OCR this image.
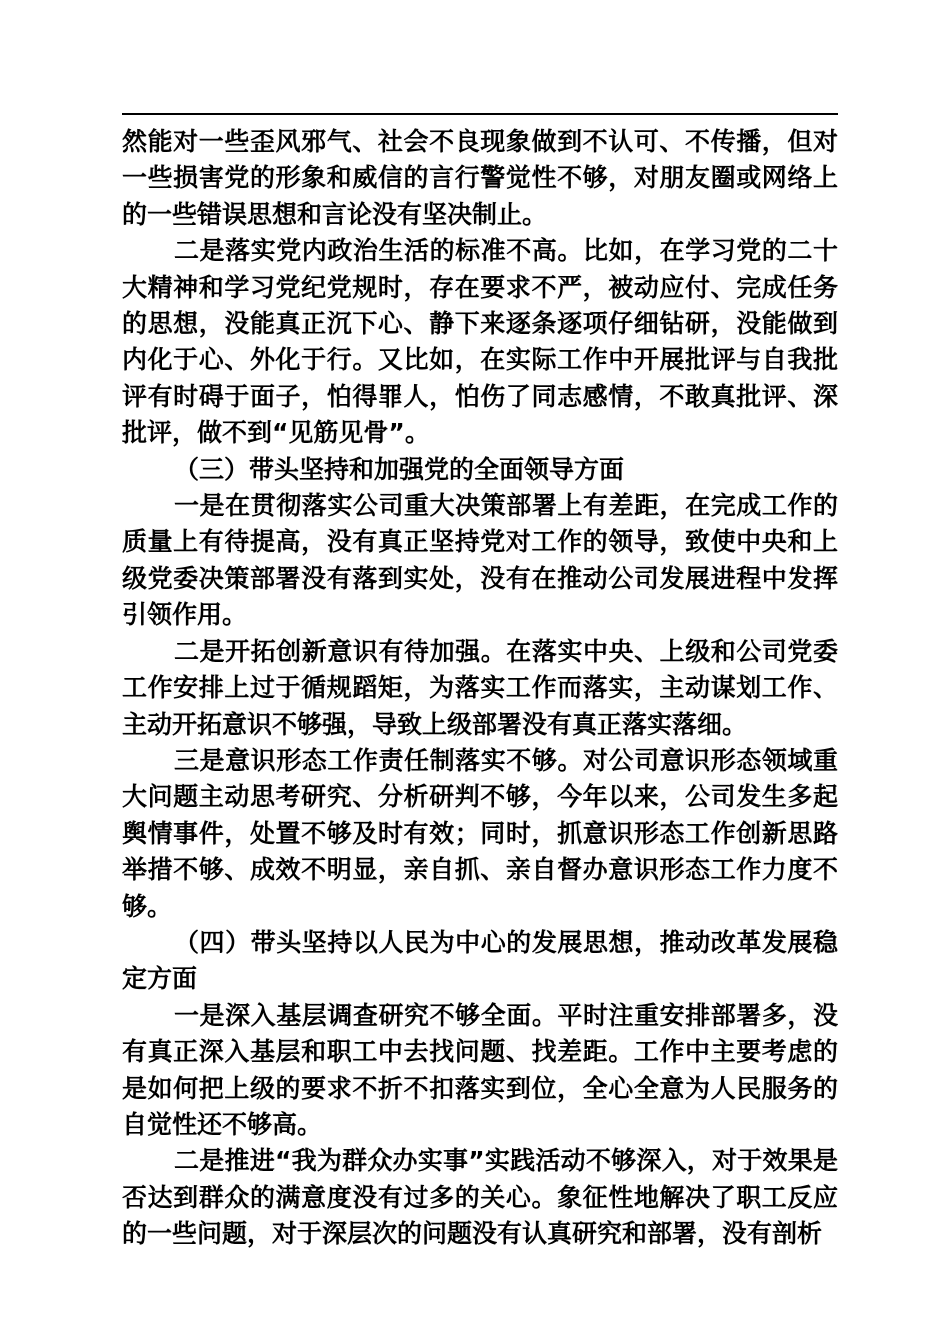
然能对一些歪风邪气、社会不良现象做到不认可、不传播，但对一些损害党的形象和威信的言行警觉性不够，对朋友圈或网络上的一些错误思想和言论没有坚决制止。

二是落实党内政治生活的标准不高。比如，在学习党的二十大精神和学习党纪党规时，存在要求不严，被动应付、完成任务的思想，没能真正沉下心、静下来逐条逐项仔细钻研，没能做到内化于心、外化于行。又比如，在实际工作中开展批评与自我批评有时碍于面子，怕得罪人，怕伤了同志感情，不敢真批评、深批评，做不到“见筋见骨”。

（三）带头坚持和加强党的全面领导方面

一是在贯彻落实公司重大决策部署上有差距，在完成工作的质量上有待提高，没有真正坚持党对工作的领导，致使中央和上级党委决策部署没有落到实处，没有在推动公司发展进程中发挥引领作用。

二是开拓创新意识有待加强。在落实中央、上级和公司党委工作安排上过于循规蹈矩，为落实工作而落实，主动谋划工作、主动开拓意识不够强，导致上级部署没有真正落实落细。

三是意识形态工作责任制落实不够。对公司意识形态领域重大问题主动思考研究、分析研判不够，今年以来，公司发生多起舆情事件，处置不够及时有效；同时，抓意识形态工作创新思路举措不够、成效不明显，亲自抓、亲自督办意识形态工作力度不够。

（四）带头坚持以人民为中心的发展思想，推动改革发展稳定方面

一是深入基层调查研究不够全面。平时注重安排部署多，没有真正深入基层和职工中去找问题、找差距。工作中主要考虑的是如何把上级的要求不折不扣落实到位，全心全意为人民服务的自觉性还不够高。

二是推进“我为群众办实事”实践活动不够深入，对于效果是否达到群众的满意度没有过多的关心。象征性地解决了职工反应的一些问题，对于深层次的问题没有认真研究和部署，没有剖析
